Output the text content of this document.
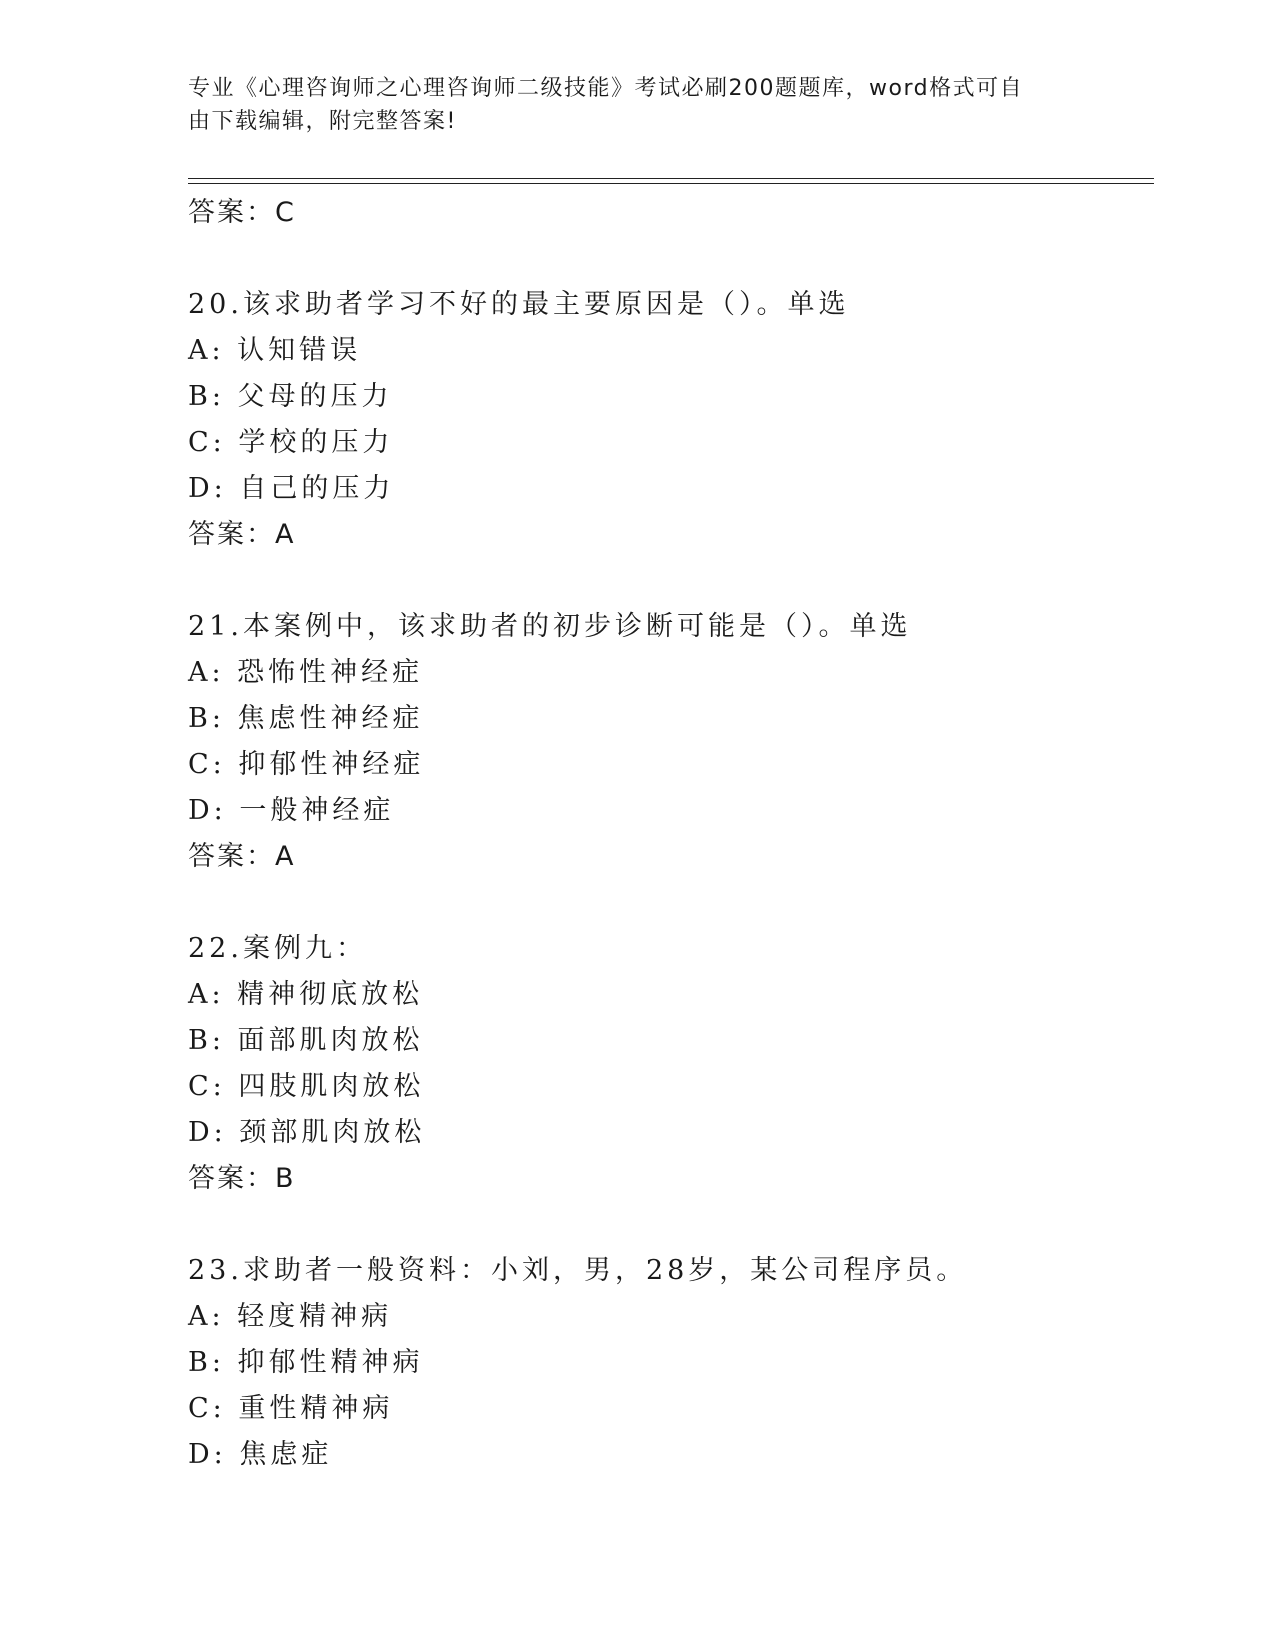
专业《心理咨询师之心理咨询师二级技能》考试必刷200题题库，word格式可自
由下载编辑，附完整答案!
答案：C
20.该求助者学习不好的最主要原因是（）。单选
A: 认知错误
B: 父母的压力
C: 学校的压力
D: 自己的压力
答案：A
21.本案例中，该求助者的初步诊断可能是（）。单选
A: 恐怖性神经症
B: 焦虑性神经症
C: 抑郁性神经症
D: 一般神经症
答案：A
22.案例九：
A: 精神彻底放松
B: 面部肌肉放松
C: 四肢肌肉放松
D: 颈部肌肉放松
答案：B
23.求助者一般资料：小刘，男，28岁，某公司程序员。
A: 轻度精神病
B: 抑郁性精神病
C: 重性精神病
D: 焦虑症
